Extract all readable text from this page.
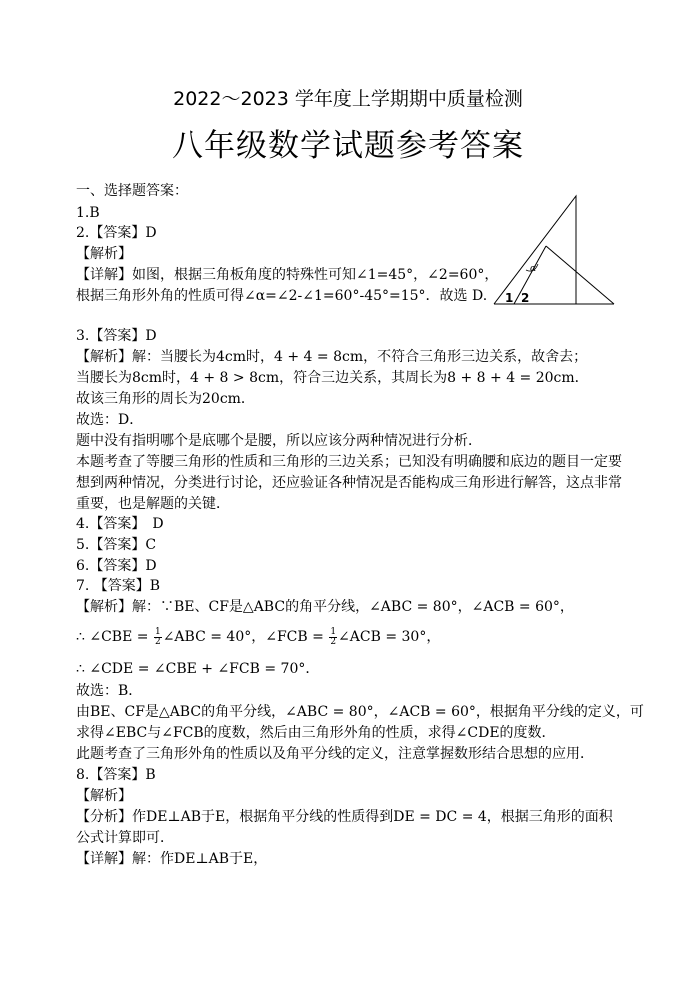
2022～2023 学年度上学期期中质量检测
八年级数学试题参考答案
α
1 2
一、选择题答案：
1.B
2.【答案】D
【解析】
【详解】如图，根据三角板角度的特殊性可知∠1=45°，∠2=60°，
根据三角形外角的性质可得∠α=∠2-∠1=60°-45°=15°．故选 D.
3.【答案】D
【解析】解：当腰长为4cm时，4 + 4 = 8cm，不符合三角形三边关系，故舍去；
当腰长为8cm时，4 + 8 > 8cm，符合三边关系，其周长为8 + 8 + 4 = 20cm．
故该三角形的周长为20cm．
故选：D．
题中没有指明哪个是底哪个是腰，所以应该分两种情况进行分析．
本题考查了等腰三角形的性质和三角形的三边关系；已知没有明确腰和底边的题目一定要
想到两种情况，分类进行讨论，还应验证各种情况是否能构成三角形进行解答，这点非常
重要，也是解题的关键．
4.【答案】　D
5.【答案】C
6.【答案】D
7. 【答案】B
【解析】解：∵BE、CF是△ABC的角平分线，∠ABC = 80°，∠ACB = 60°，
∴ ∠CBE = $\frac{1}{2}$ ∠ABC = 40°，∠FCB = $\frac{1}{2}$ ∠ACB = 30°，
∴ ∠CDE = ∠CBE + ∠FCB = 70°．
故选：B．
由BE、CF是△ABC的角平分线，∠ABC = 80°，∠ACB = 60°，根据角平分线的定义，可
求得∠EBC与∠FCB的度数，然后由三角形外角的性质，求得∠CDE的度数．
此题考查了三角形外角的性质以及角平分线的定义，注意掌握数形结合思想的应用．
8.【答案】B
【解析】
【分析】作DE⊥AB于E，根据角平分线的性质得到DE = DC = 4，根据三角形的面积
公式计算即可．
【详解】解：作DE⊥AB于E，
